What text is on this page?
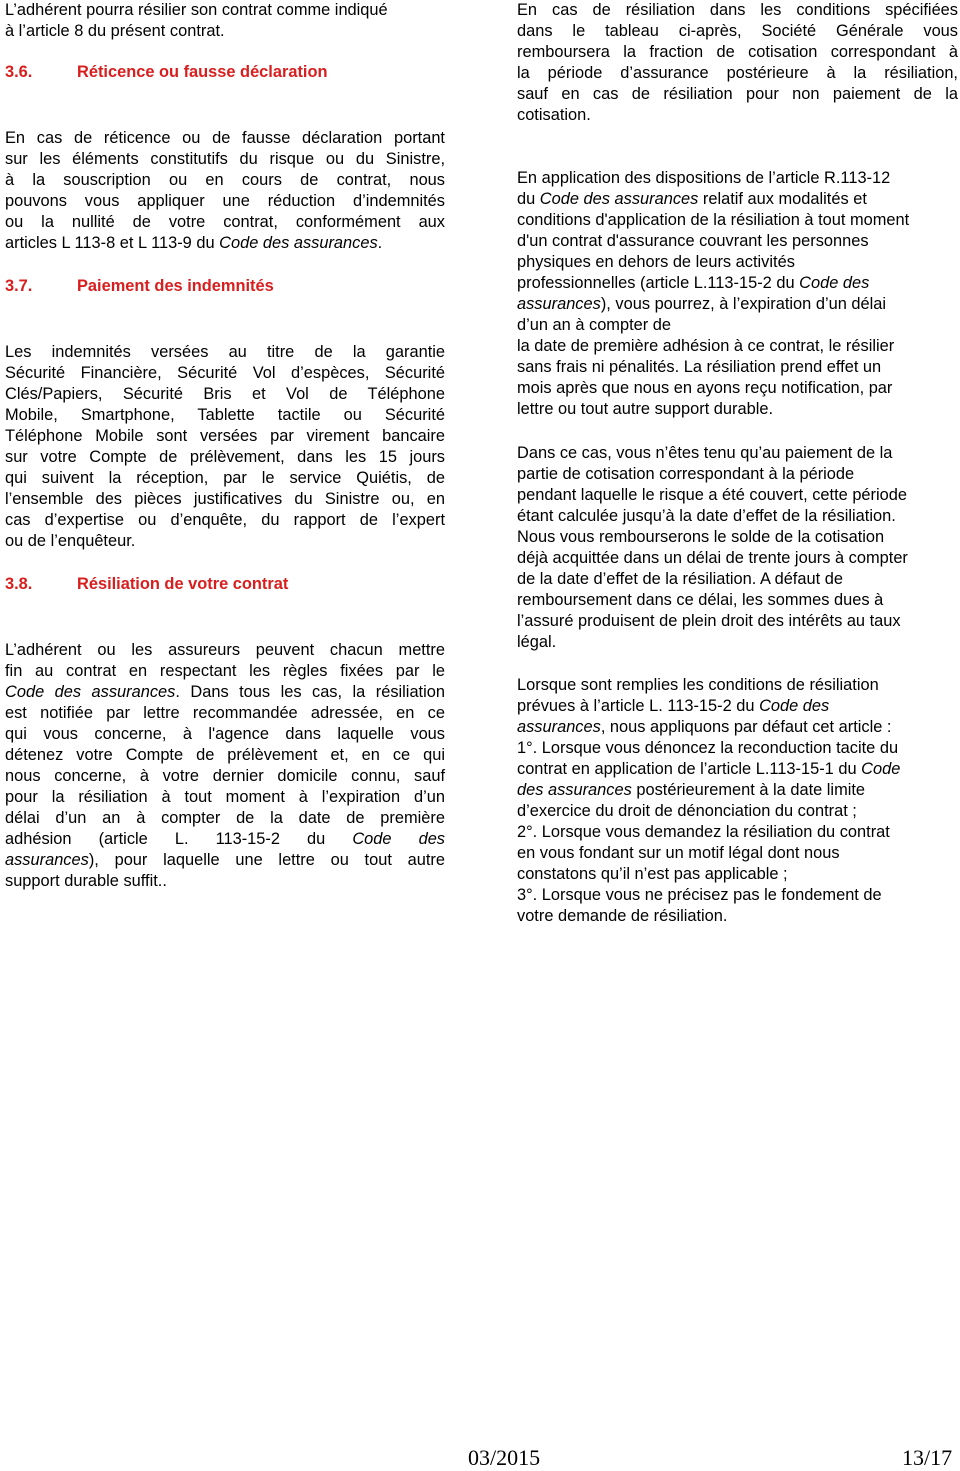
L’adhérent pourra résilier son contrat comme indiqué
à l’article 8 du présent contrat.
3.6.	Réticence ou fausse déclaration
En cas de réticence ou de fausse déclaration portant
sur les éléments constitutifs du risque ou du Sinistre,
à la souscription ou en cours de contrat, nous
pouvons vous appliquer une réduction d’indemnités
ou la nullité de votre contrat, conformément aux
articles L 113-8 et L 113-9 du Code des assurances.
3.7.	Paiement des indemnités
Les indemnités versées au titre de la garantie
Sécurité Financière, Sécurité Vol d’espèces, Sécurité
Clés/Papiers, Sécurité Bris et Vol de Téléphone
Mobile, Smartphone, Tablette tactile ou Sécurité
Téléphone Mobile sont versées par virement bancaire
sur votre Compte de prélèvement, dans les 15 jours
qui suivent la réception, par le service Quiétis, de
l’ensemble des pièces justificatives du Sinistre ou, en
cas d’expertise ou d’enquête, du rapport de l’expert
ou de l’enquêteur.
3.8.	Résiliation de votre contrat
L’adhérent ou les assureurs peuvent chacun mettre
fin au contrat en respectant les règles fixées par le
Code des assurances. Dans tous les cas, la résiliation
est notifiée par lettre recommandée adressée, en ce
qui vous concerne, à l'agence dans laquelle vous
détenez votre Compte de prélèvement et, en ce qui
nous concerne, à votre dernier domicile connu, sauf
pour la résiliation à tout moment à l’expiration d’un
délai d’un an à compter de la date de première
adhésion (article L. 113-15-2 du Code des
assurances), pour laquelle une lettre ou tout autre
support durable suffit..
En cas de résiliation dans les conditions spécifiées
dans le tableau ci-après, Société Générale vous
remboursera la fraction de cotisation correspondant à
la période d’assurance postérieure à la résiliation,
sauf en cas de résiliation pour non paiement de la
cotisation.
En application des dispositions de l’article R.113-12
du Code des assurances relatif aux modalités et
conditions d'application de la résiliation à tout moment
d'un contrat d'assurance couvrant les personnes
physiques en dehors de leurs activités
professionnelles (article L.113-15-2 du Code des
assurances), vous pourrez, à l’expiration d’un délai
d’un an à compter de
la date de première adhésion à ce contrat, le résilier
sans frais ni pénalités. La résiliation prend effet un
mois après que nous en ayons reçu notification, par
lettre ou tout autre support durable.
Dans ce cas, vous n’êtes tenu qu’au paiement de la
partie de cotisation correspondant à la période
pendant laquelle le risque a été couvert, cette période
étant calculée jusqu’à la date d’effet de la résiliation.
Nous vous rembourserons le solde de la cotisation
déjà acquittée dans un délai de trente jours à compter
de la date d’effet de la résiliation. A défaut de
remboursement dans ce délai, les sommes dues à
l’assuré produisent de plein droit des intérêts au taux
légal.
Lorsque sont remplies les conditions de résiliation
prévues à l’article L. 113-15-2 du Code des
assurances, nous appliquons par défaut cet article :
1°. Lorsque vous dénoncez la reconduction tacite du
contrat en application de l’article L.113-15-1 du Code
des assurances postérieurement à la date limite
d’exercice du droit de dénonciation du contrat ;
2°. Lorsque vous demandez la résiliation du contrat
en vous fondant sur un motif légal dont nous
constatons qu’il n’est pas applicable ;
3°. Lorsque vous ne précisez pas le fondement de
votre demande de résiliation.
03/2015	13/17
